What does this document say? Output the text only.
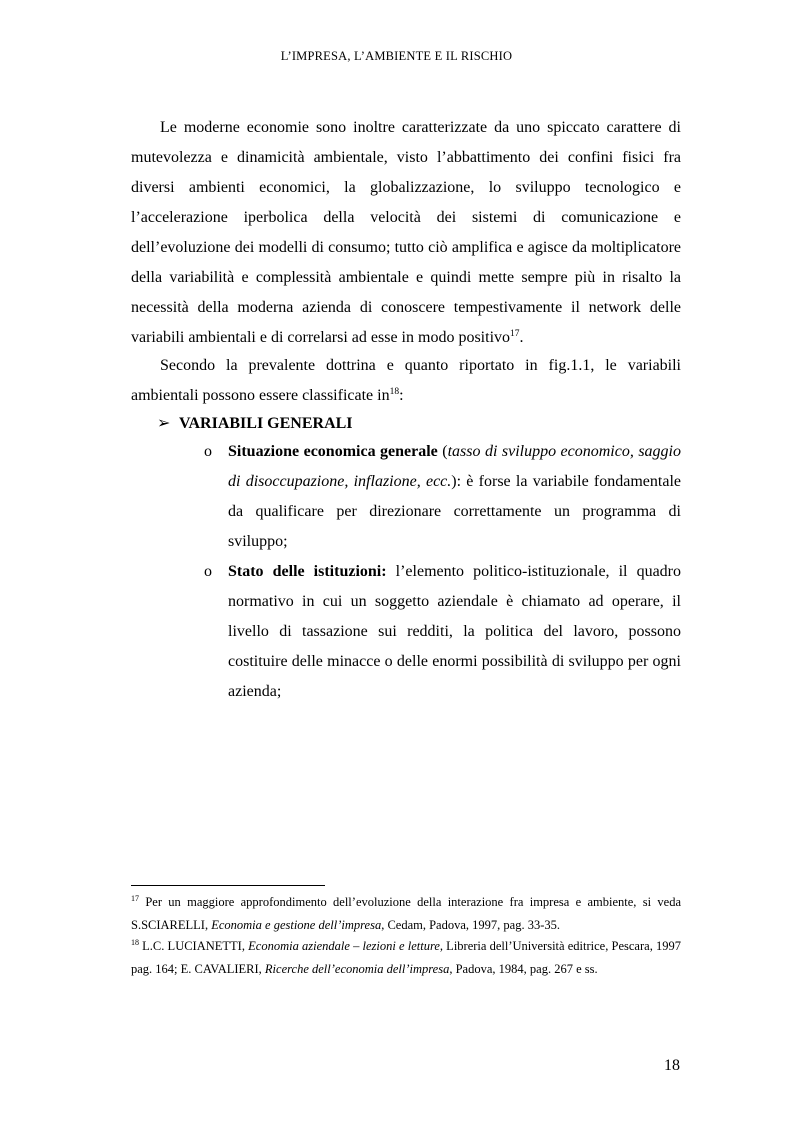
L’IMPRESA, L’AMBIENTE E IL RISCHIO

Le moderne economie sono inoltre caratterizzate da uno spiccato carattere di mutevolezza e dinamicità ambientale, visto l’abbattimento dei confini fisici fra diversi ambienti economici, la globalizzazione, lo sviluppo tecnologico e l’accelerazione iperbolica della velocità dei sistemi di comunicazione e dell’evoluzione dei modelli di consumo; tutto ciò amplifica e agisce da moltiplicatore della variabilità e complessità ambientale e quindi mette sempre più in risalto la necessità della moderna azienda di conoscere tempestivamente il network delle variabili ambientali e di correlarsi ad esse in modo positivo$^{17}$.

Secondo la prevalente dottrina e quanto riportato in fig.1.1, le variabili ambientali possono essere classificate $in^{18}$:

➢ VARIABILI GENERALI
o	Situazione economica generale (tasso di sviluppo economico, saggio di disoccupazione, inflazione, ecc.): è forse la variabile fondamentale da qualificare per direzionare correttamente un programma di sviluppo;
o	Stato delle istituzioni: l’elemento politico-istituzionale, il quadro normativo in cui un soggetto aziendale è chiamato ad operare, il livello di tassazione sui redditi, la politica del lavoro, possono costituire delle minacce o delle enormi possibilità di sviluppo per ogni azienda;

$^{17}$ Per un maggiore approfondimento dell’evoluzione della interazione fra impresa e ambiente, si veda S.SCIARELLI, Economia e gestione dell’impresa, Cedam, Padova, 1997, pag. 33-35.

$^{18}$ L.C. LUCIANETTI, Economia aziendale – lezioni e letture, Libreria dell’Università editrice, Pescara, 1997 pag. 164; E. CAVALIERI, Ricerche dell’economia dell’impresa, Padova, 1984, pag. 267 e ss.

18
